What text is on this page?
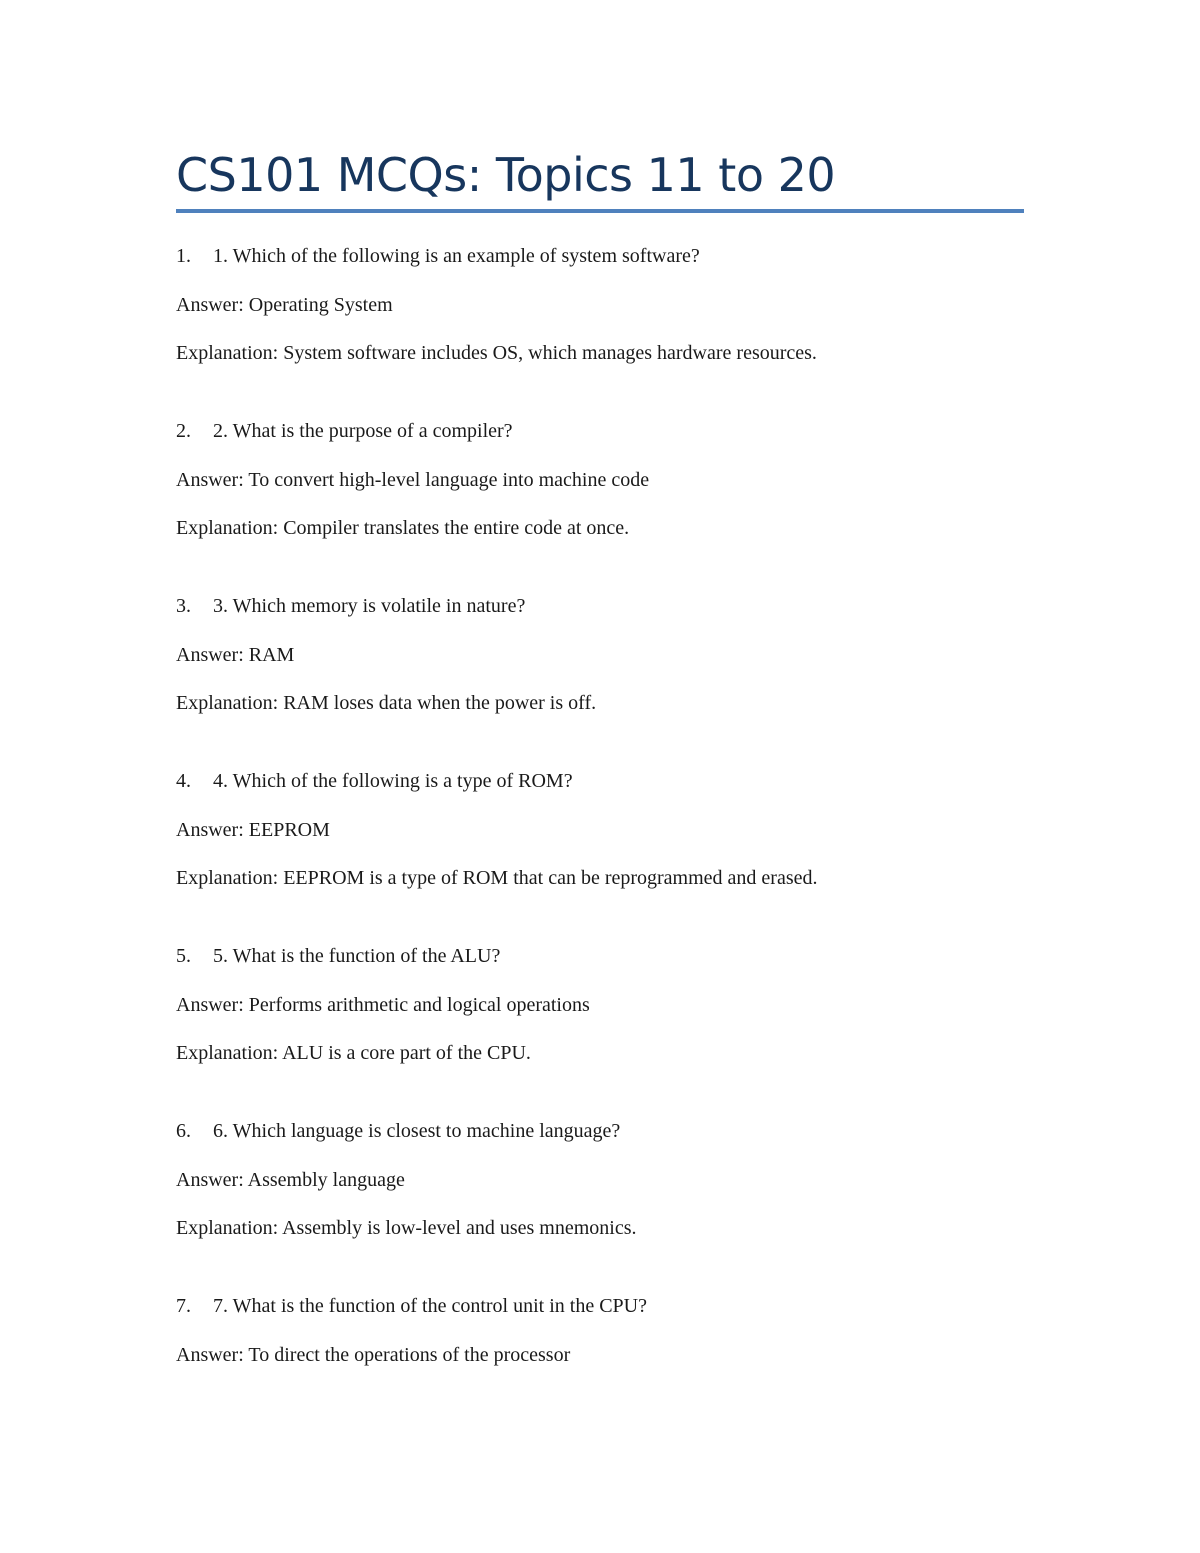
CS101 MCQs: Topics 11 to 20
1. 1. Which of the following is an example of system software?
Answer: Operating System
Explanation: System software includes OS, which manages hardware resources.
2. 2. What is the purpose of a compiler?
Answer: To convert high-level language into machine code
Explanation: Compiler translates the entire code at once.
3. 3. Which memory is volatile in nature?
Answer: RAM
Explanation: RAM loses data when the power is off.
4. 4. Which of the following is a type of ROM?
Answer: EEPROM
Explanation: EEPROM is a type of ROM that can be reprogrammed and erased.
5. 5. What is the function of the ALU?
Answer: Performs arithmetic and logical operations
Explanation: ALU is a core part of the CPU.
6. 6. Which language is closest to machine language?
Answer: Assembly language
Explanation: Assembly is low-level and uses mnemonics.
7. 7. What is the function of the control unit in the CPU?
Answer: To direct the operations of the processor
